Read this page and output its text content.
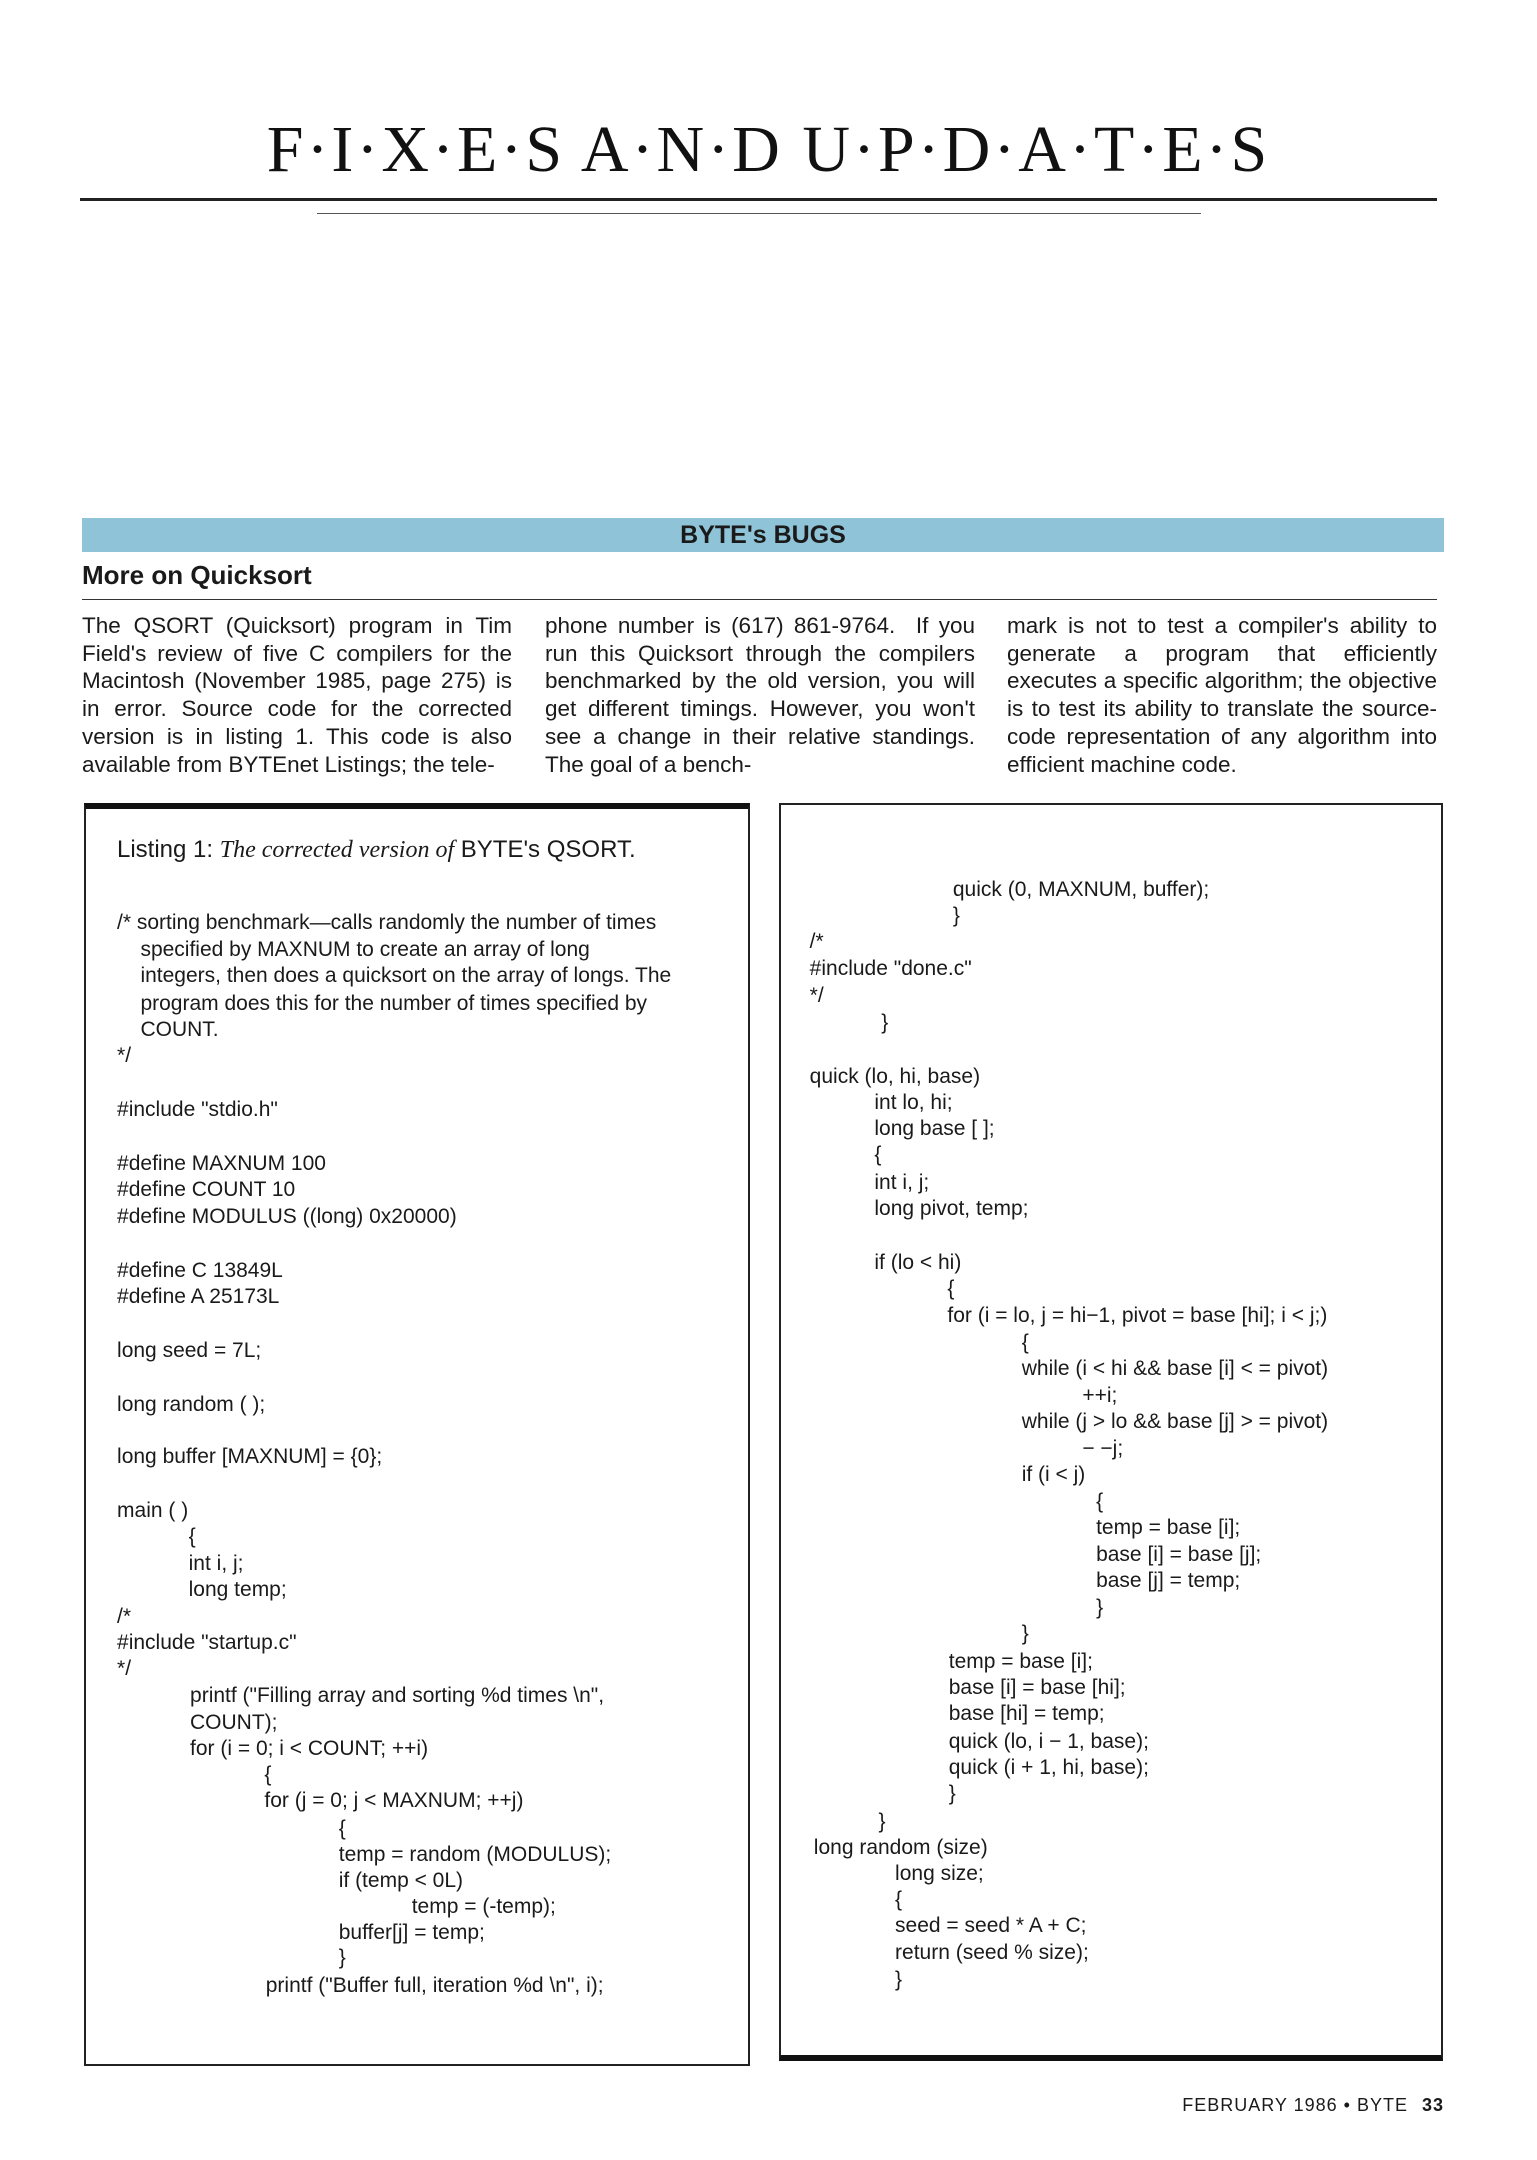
F·I·X·E·S A·N·D U·P·D·A·T·E·S
BYTE's BUGS
More on Quicksort
The QSORT (Quicksort) program in Tim Field's review of five C compilers for the Macintosh (November 1985, page 275) is in error. Source code for the corrected version is in listing 1. This code is also available from BYTEnet Listings; the tele-
phone number is (617) 861-9764.  If you run this Quicksort through the compilers benchmarked by the old version, you will get different timings. However, you won't see a change in their relative standings. The goal of a bench-
mark is not to test a compiler's ability to generate a program that efficiently executes a specific algorithm; the objective is to test its ability to translate the source-code representation of any algorithm into efficient machine code.
Listing 1: The corrected version of BYTE's QSORT.
/* sorting benchmark—calls randomly the number of times
specified by MAXNUM to create an array of long
integers, then does a quicksort on the array of longs. The
program does this for the number of times specified by
COUNT.
*/
#include "stdio.h"
#define MAXNUM 100
#define COUNT 10
#define MODULUS ((long) 0x20000)
#define C 13849L
#define A 25173L
long seed = 7L;
long random ( );
long buffer [MAXNUM] = {0};
main ( )
{
int i, j;
long temp;
/*
#include "startup.c"
*/
printf ("Filling array and sorting %d times \n",
COUNT);
for (i = 0; i < COUNT; ++i)
{
for (j = 0; j < MAXNUM; ++j)
{
temp = random (MODULUS);
if (temp < 0L)
temp = (-temp);
buffer[j] = temp;
}
printf ("Buffer full, iteration %d \n", i);
quick (0, MAXNUM, buffer);
}
/*
#include "done.c"
*/
}
quick (lo, hi, base)
int lo, hi;
long base [ ];
{
int i, j;
long pivot, temp;
if (lo < hi)
{
for (i = lo, j = hi−1, pivot = base [hi]; i < j;)
{
while (i < hi && base [i] < = pivot)
++i;
while (j > lo && base [j] > = pivot)
− −j;
if (i < j)
{
temp = base [i];
base [i] = base [j];
base [j] = temp;
}
}
temp = base [i];
base [i] = base [hi];
base [hi] = temp;
quick (lo, i − 1, base);
quick (i + 1, hi, base);
}
}
long random (size)
long size;
{
seed = seed * A + C;
return (seed % size);
}
FEBRUARY 1986 • BYTE 33
